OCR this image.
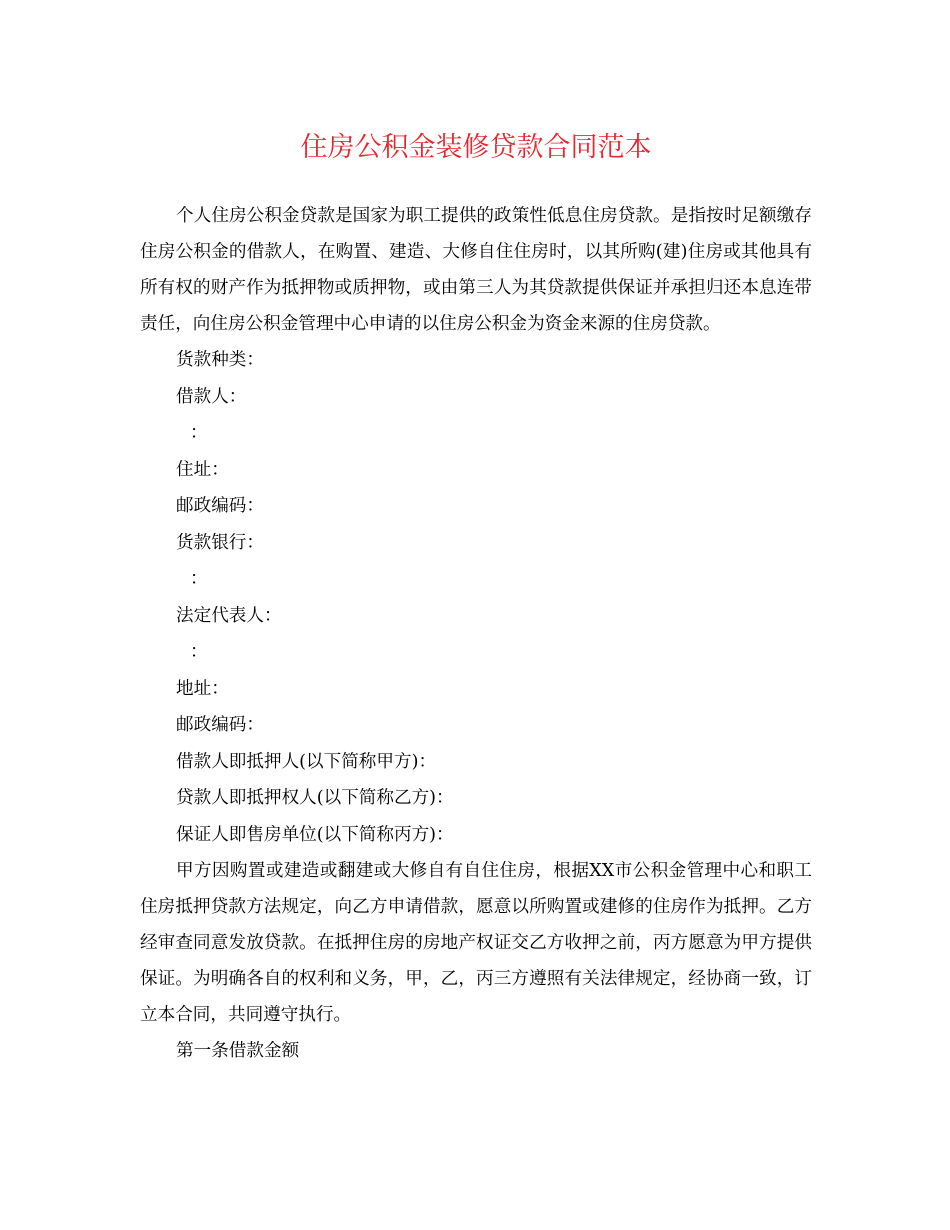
住房公积金装修贷款合同范本

个人住房公积金贷款是国家为职工提供的政策性低息住房贷款。是指按时足额缴存住房公积金的借款人，在购置、建造、大修自住住房时，以其所购(建)住房或其他具有所有权的财产作为抵押物或质押物，或由第三人为其贷款提供保证并承担归还本息连带责任，向住房公积金管理中心申请的以住房公积金为资金来源的住房贷款。

货款种类：

借款人：

：

住址：

邮政编码：

货款银行：

：

法定代表人：

：

地址：

邮政编码：

借款人即抵押人(以下简称甲方)：

贷款人即抵押权人(以下简称乙方)：

保证人即售房单位(以下简称丙方)：

甲方因购置或建造或翻建或大修自有自住住房，根据XX市公积金管理中心和职工住房抵押贷款方法规定，向乙方申请借款，愿意以所购置或建修的住房作为抵押。乙方经审查同意发放贷款。在抵押住房的房地产权证交乙方收押之前，丙方愿意为甲方提供保证。为明确各自的权利和义务，甲，乙，丙三方遵照有关法律规定，经协商一致，订立本合同，共同遵守执行。

第一条借款金额
